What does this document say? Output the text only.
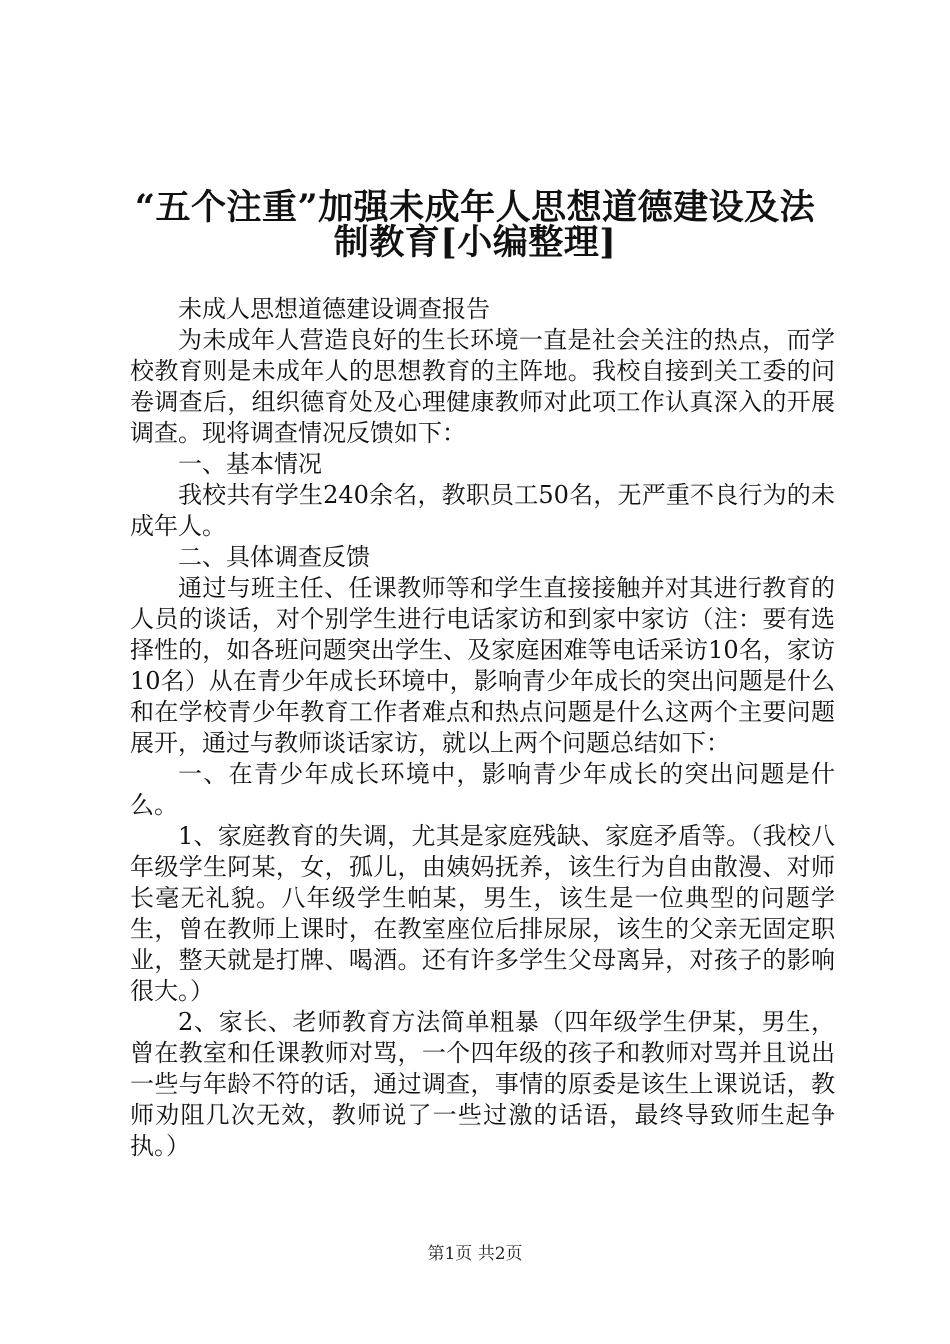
“五个注重”加强未成年人思想道德建设及法
制教育[小编整理]

未成人思想道德建设调查报告

为未成年人营造良好的生长环境一直是社会关注的热点，而学校教育则是未成年人的思想教育的主阵地。我校自接到关工委的问卷调查后，组织德育处及心理健康教师对此项工作认真深入的开展调查。现将调查情况反馈如下：

一、基本情况

我校共有学生240余名，教职员工50名，无严重不良行为的未成年人。

二、具体调查反馈

通过与班主任、任课教师等和学生直接接触并对其进行教育的人员的谈话，对个别学生进行电话家访和到家中家访（注：要有选择性的，如各班问题突出学生、及家庭困难等电话采访10名，家访10名）从在青少年成长环境中，影响青少年成长的突出问题是什么和在学校青少年教育工作者难点和热点问题是什么这两个主要问题展开，通过与教师谈话家访，就以上两个问题总结如下：

一、在青少年成长环境中，影响青少年成长的突出问题是什么。

1、家庭教育的失调，尤其是家庭残缺、家庭矛盾等。（我校八年级学生阿某，女，孤儿，由姨妈抚养，该生行为自由散漫、对师长毫无礼貌。八年级学生帕某，男生，该生是一位典型的问题学生，曾在教师上课时，在教室座位后排尿尿，该生的父亲无固定职业，整天就是打牌、喝酒。还有许多学生父母离异，对孩子的影响很大。）

2、家长、老师教育方法简单粗暴（四年级学生伊某，男生，曾在教室和任课教师对骂，一个四年级的孩子和教师对骂并且说出一些与年龄不符的话，通过调查，事情的原委是该生上课说话，教师劝阻几次无效，教师说了一些过激的话语，最终导致师生起争执。）

第1页 共2页
